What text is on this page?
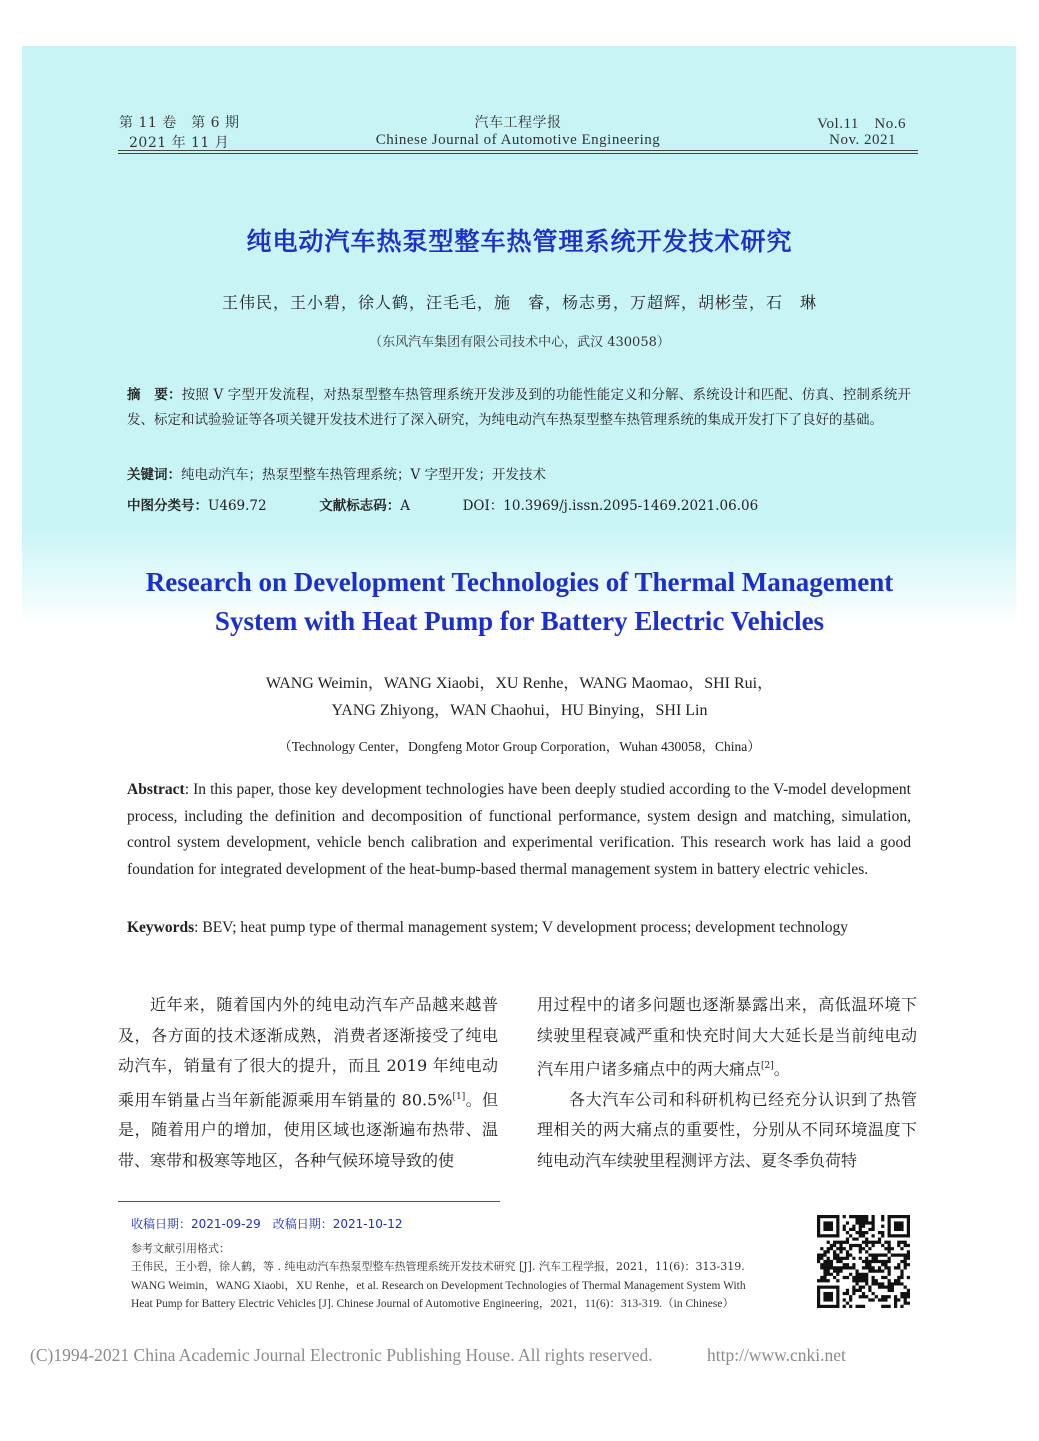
第 11 卷　第 6 期
2021 年 11 月
汽车工程学报
Chinese Journal of Automotive Engineering
Vol.11　No.6
Nov. 2021
纯电动汽车热泵型整车热管理系统开发技术研究
王伟民，王小碧，徐人鹤，汪毛毛，施　睿，杨志勇，万超辉，胡彬莹，石　琳
（东风汽车集团有限公司技术中心，武汉 430058）
摘　要：按照 V 字型开发流程，对热泵型整车热管理系统开发涉及到的功能性能定义和分解、系统设计和匹配、仿真、控制系统开发、标定和试验验证等各项关键开发技术进行了深入研究，为纯电动汽车热泵型整车热管理系统的集成开发打下了良好的基础。
关键词：纯电动汽车；热泵型整车热管理系统；V 字型开发；开发技术
中图分类号：U469.72	文献标志码：A	DOI：10.3969/j.issn.2095-1469.2021.06.06
Research on Development Technologies of Thermal Management
System with Heat Pump for Battery Electric Vehicles
WANG Weimin，WANG Xiaobi，XU Renhe，WANG Maomao，SHI Rui，
YANG Zhiyong，WAN Chaohui，HU Binying，SHI Lin
（Technology Center，Dongfeng Motor Group Corporation，Wuhan 430058，China）
Abstract: In this paper, those key development technologies have been deeply studied according to the V-model development process, including the definition and decomposition of functional performance, system design and matching, simulation, control system development, vehicle bench calibration and experimental verification. This research work has laid a good foundation for integrated development of the heat-bump-based thermal management system in battery electric vehicles.
Keywords: BEV; heat pump type of thermal management system; V development process; development technology

近年来，随着国内外的纯电动汽车产品越来越普及，各方面的技术逐渐成熟，消费者逐渐接受了纯电动汽车，销量有了很大的提升，而且 2019 年纯电动乘用车销量占当年新能源乘用车销量的 80.5%[1]。但是，随着用户的增加，使用区域也逐渐遍布热带、温带、寒带和极寒等地区，各种气候环境导致的使

用过程中的诸多问题也逐渐暴露出来，高低温环境下续驶里程衰减严重和快充时间大大延长是当前纯电动汽车用户诸多痛点中的两大痛点[2]。

各大汽车公司和科研机构已经充分认识到了热管理相关的两大痛点的重要性，分别从不同环境温度下纯电动汽车续驶里程测评方法、夏冬季负荷特

收稿日期：2021-09-29　改稿日期：2021-10-12
参考文献引用格式：
王伟民，王小碧，徐人鹤，等 . 纯电动汽车热泵型整车热管理系统开发技术研究 [J]. 汽车工程学报，2021，11(6)：313-319.
WANG Weimin，WANG Xiaobi，XU Renhe，et al. Research on Development Technologies of Thermal Management System With
Heat Pump for Battery Electric Vehicles [J]. Chinese Journal of Automotive Engineering，2021，11(6)：313-319.（in Chinese）
(C)1994-2021 China Academic Journal Electronic Publishing House. All rights reserved.	http://www.cnki.net
